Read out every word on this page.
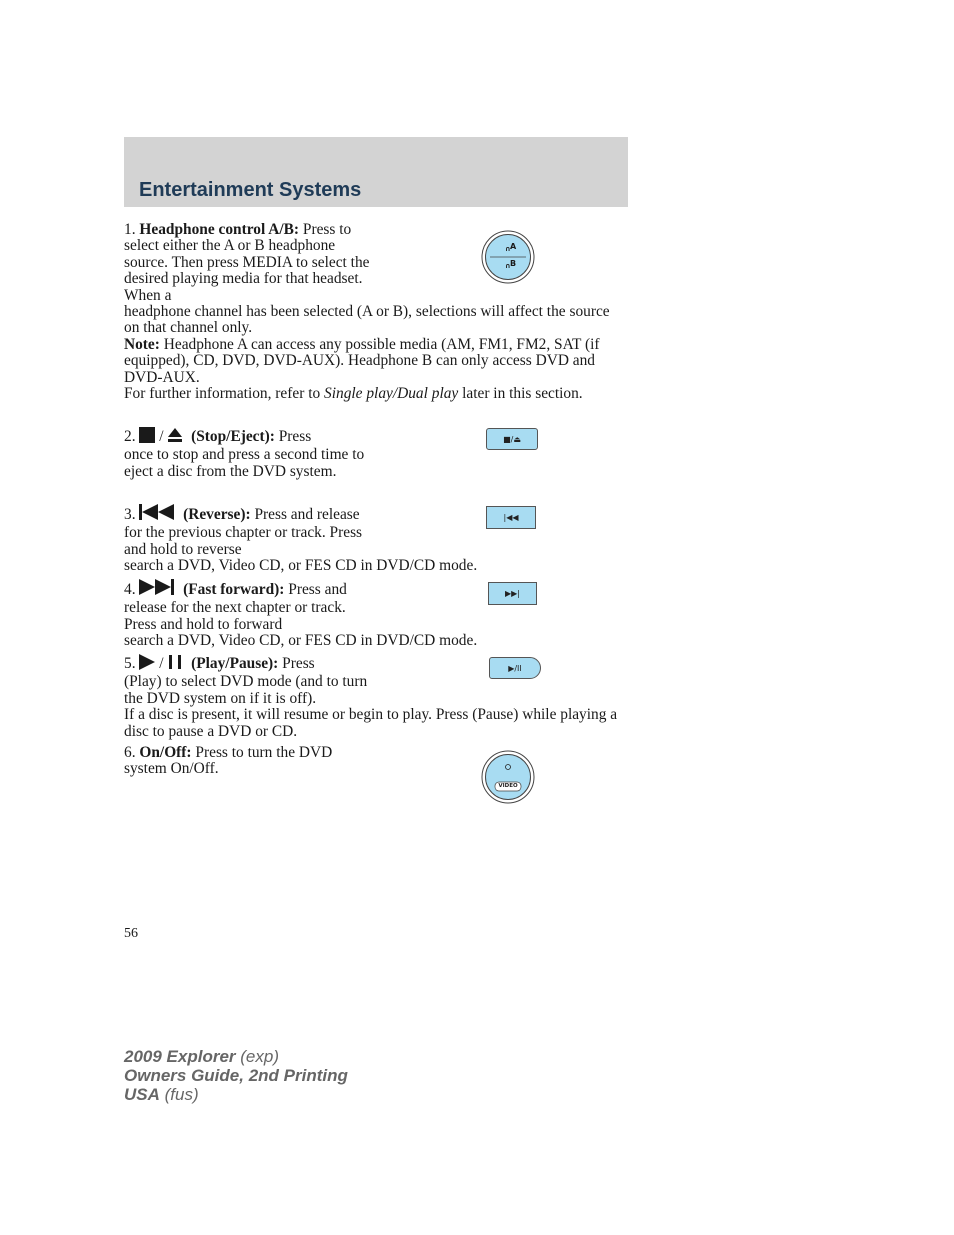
Entertainment Systems
1. Headphone control A/B: Press to select either the A or B headphone source. Then press MEDIA to select the desired playing media for that headset. When a
headphone channel has been selected (A or B), selections will affect the source on that channel only.
Note: Headphone A can access any possible media (AM, FM1, FM2, SAT (if equipped), CD, DVD, DVD-AUX). Headphone B can only access DVD and DVD-AUX.
For further information, refer to Single play/Dual play later in this section.
∩
∩
A
B
2. / (Stop/Eject): Press
once to stop and press a second time to eject a disc from the DVD system.
■/⏏
3.	(Reverse): Press and release for the previous chapter or track. Press and hold to reverse
search a DVD, Video CD, or FES CD in DVD/CD mode.
|◀◀
4.	(Fast forward): Press and release for the next chapter or track. Press and hold to forward
search a DVD, Video CD, or FES CD in DVD/CD mode.
▶▶|
5. / (Play/Pause): Press
(Play) to select DVD mode (and to turn the DVD system on if it is off).
If a disc is present, it will resume or begin to play. Press (Pause) while playing a disc to pause a DVD or CD.
▶/II
6. On/Off: Press to turn the DVD system On/Off.
VIDEO
56
2009 Explorer (exp)
Owners Guide, 2nd Printing
USA (fus)
